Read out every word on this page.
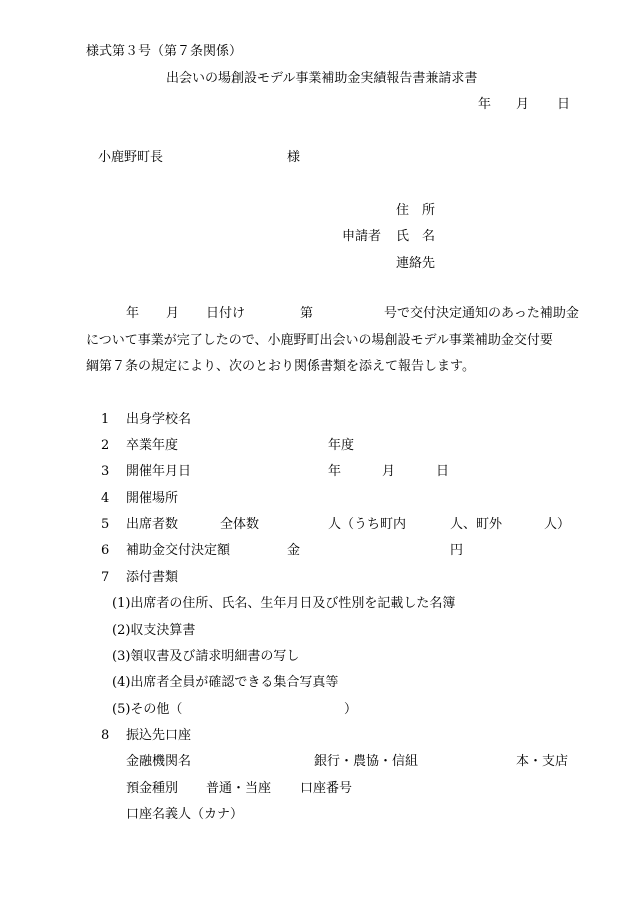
様式第３号（第７条関係）
出会いの場創設モデル事業補助金実績報告書兼請求書
年 月 日
小鹿野町長	様
住　所
申請者 氏　名
連絡先
年 月 日付け	第	号で交付決定通知のあった補助金
について事業が完了したので、小鹿野町出会いの場創設モデル事業補助金交付要
綱第７条の規定により、次のとおり関係書類を添えて報告します。
1 出身学校名
2 卒業年度	年度
3 開催年月日	年	月	日
4 開催場所
5 出席者数	全体数	人（うち町内	人、町外	人）
6 補助金交付決定額	金	円
7 添付書類
(1)出席者の住所、氏名、生年月日及び性別を記載した名簿
(2)収支決算書
(3)領収書及び請求明細書の写し
(4)出席者全員が確認できる集合写真等
(5)その他（	）
8 振込先口座
金融機関名	銀行・農協・信組	本・支店
預金種別 普通・当座 口座番号
口座名義人（カナ）
